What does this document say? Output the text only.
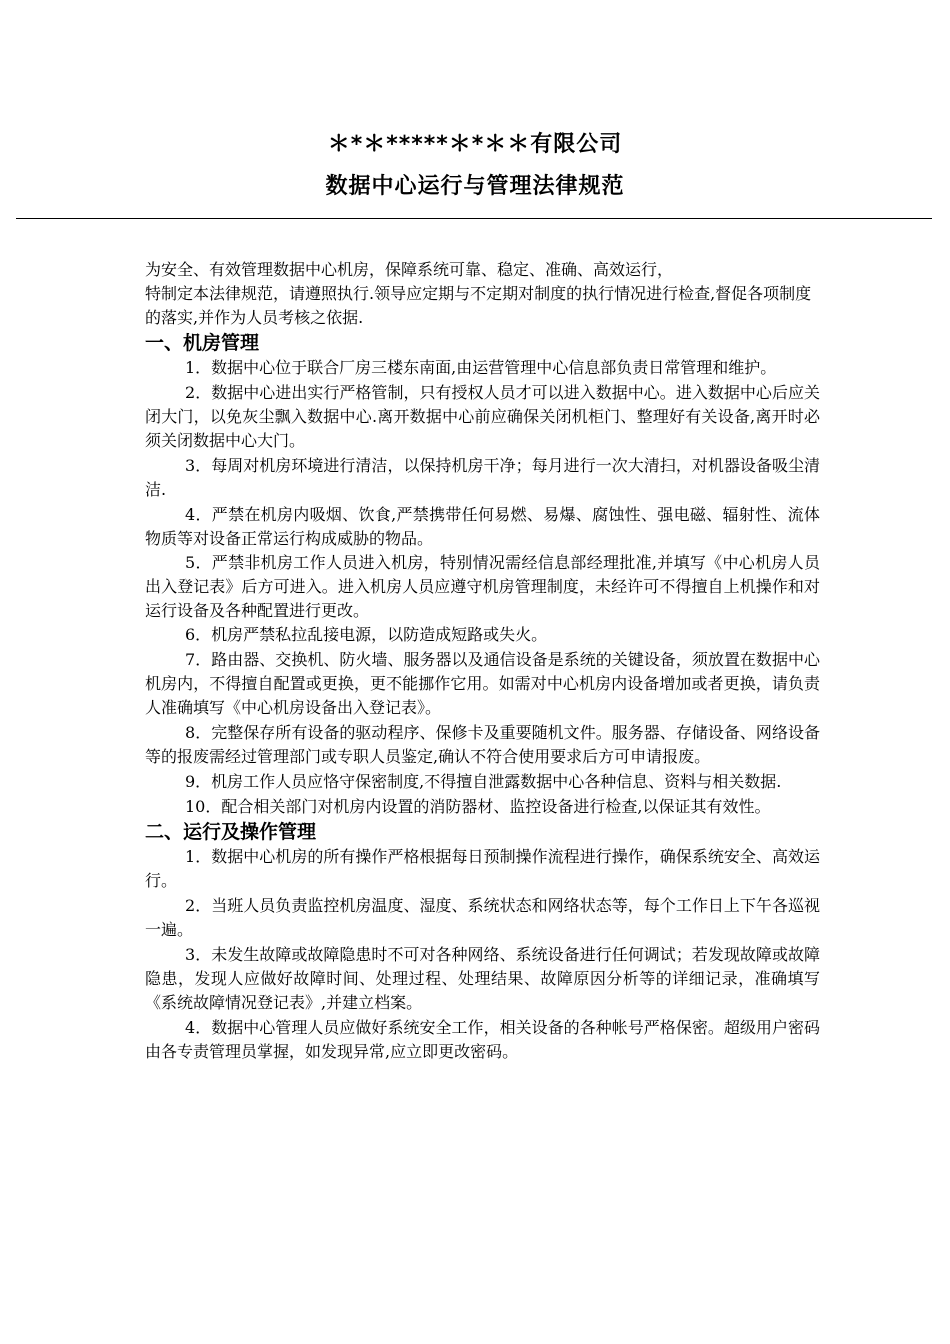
＊*＊*****＊*＊＊有限公司
数据中心运行与管理法律规范

为安全、有效管理数据中心机房，保障系统可靠、稳定、准确、高效运行，

特制定本法律规范，请遵照执行.领导应定期与不定期对制度的执行情况进行检查,督促各项制度的落实,并作为人员考核之依据.

一、机房管理

1．数据中心位于联合厂房三楼东南面,由运营管理中心信息部负责日常管理和维护。

2．数据中心进出实行严格管制，只有授权人员才可以进入数据中心。进入数据中心后应关闭大门，以免灰尘飘入数据中心.离开数据中心前应确保关闭机柜门、整理好有关设备,离开时必须关闭数据中心大门。

3．每周对机房环境进行清洁，以保持机房干净；每月进行一次大清扫，对机器设备吸尘清洁.

4．严禁在机房内吸烟、饮食,严禁携带任何易燃、易爆、腐蚀性、强电磁、辐射性、流体物质等对设备正常运行构成威胁的物品。

5．严禁非机房工作人员进入机房，特别情况需经信息部经理批准,并填写《中心机房人员出入登记表》后方可进入。进入机房人员应遵守机房管理制度，未经许可不得擅自上机操作和对运行设备及各种配置进行更改。

6．机房严禁私拉乱接电源，以防造成短路或失火。

7．路由器、交换机、防火墙、服务器以及通信设备是系统的关键设备，须放置在数据中心机房内，不得擅自配置或更换，更不能挪作它用。如需对中心机房内设备增加或者更换，请负责人准确填写《中心机房设备出入登记表》。

8．完整保存所有设备的驱动程序、保修卡及重要随机文件。服务器、存储设备、网络设备等的报废需经过管理部门或专职人员鉴定,确认不符合使用要求后方可申请报废。

9．机房工作人员应恪守保密制度,不得擅自泄露数据中心各种信息、资料与相关数据.

10．配合相关部门对机房内设置的消防器材、监控设备进行检查,以保证其有效性。

二、运行及操作管理

1．数据中心机房的所有操作严格根据每日预制操作流程进行操作，确保系统安全、高效运行。

2．当班人员负责监控机房温度、湿度、系统状态和网络状态等，每个工作日上下午各巡视一遍。

3．未发生故障或故障隐患时不可对各种网络、系统设备进行任何调试；若发现故障或故障隐患，发现人应做好故障时间、处理过程、处理结果、故障原因分析等的详细记录，准确填写《系统故障情况登记表》,并建立档案。

4．数据中心管理人员应做好系统安全工作，相关设备的各种帐号严格保密。超级用户密码由各专责管理员掌握，如发现异常,应立即更改密码。
